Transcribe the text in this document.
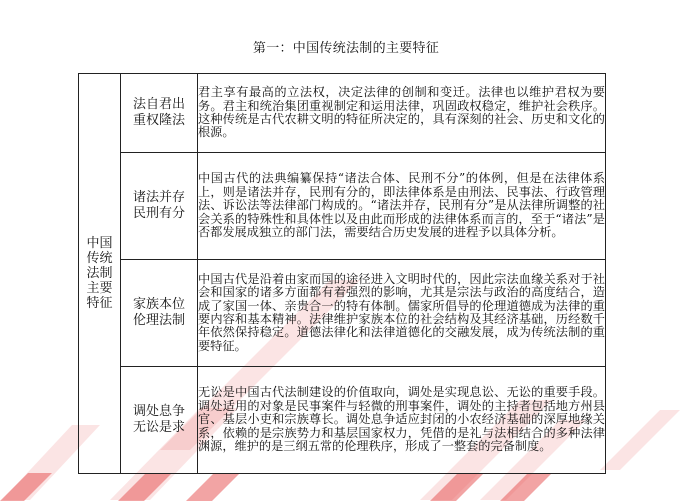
第一：中国传统法制的主要特征
中国传统法制主要特征	法自君出重权隆法	君主享有最高的立法权，决定法律的创制和变迁。法律也以维护君权为要务。君主和统治集团重视制定和运用法律，巩固政权稳定，维护社会秩序。这种传统是古代农耕文明的特征所决定的，具有深刻的社会、历史和文化的根源。

	诸法并存民刑有分	中国古代的法典编纂保持“诸法合体、民刑不分”的体例，但是在法律体系上，则是诸法并存，民刑有分的，即法律体系是由刑法、民事法、行政管理法、诉讼法等法律部门构成的。“诸法并存，民刑有分”是从法律所调整的社会关系的特殊性和具体性以及由此而形成的法律体系而言的，至于“诸法”是否都发展成独立的部门法，需要结合历史发展的进程予以具体分析。

	家族本位伦理法制	中国古代是沿着由家而国的途径进入文明时代的，因此宗法血缘关系对于社会和国家的诸多方面都有着强烈的影响，尤其是宗法与政治的高度结合，造成了家国一体、亲贵合一的特有体制。儒家所倡导的伦理道德成为法律的重要内容和基本精神。法律维护家族本位的社会结构及其经济基础，历经数千年依然保持稳定。道德法律化和法律道德化的交融发展，成为传统法制的重要特征。

	调处息争无讼是求	无讼是中国古代法制建设的价值取向，调处是实现息讼、无讼的重要手段。调处适用的对象是民事案件与轻微的刑事案件，调处的主持者包括地方州县官、基层小吏和宗族尊长。调处息争适应封闭的小农经济基础的深厚地缘关系，依赖的是宗族势力和基层国家权力，凭借的是礼与法相结合的多种法律渊源，维护的是三纲五常的伦理秩序，形成了一整套的完备制度。
